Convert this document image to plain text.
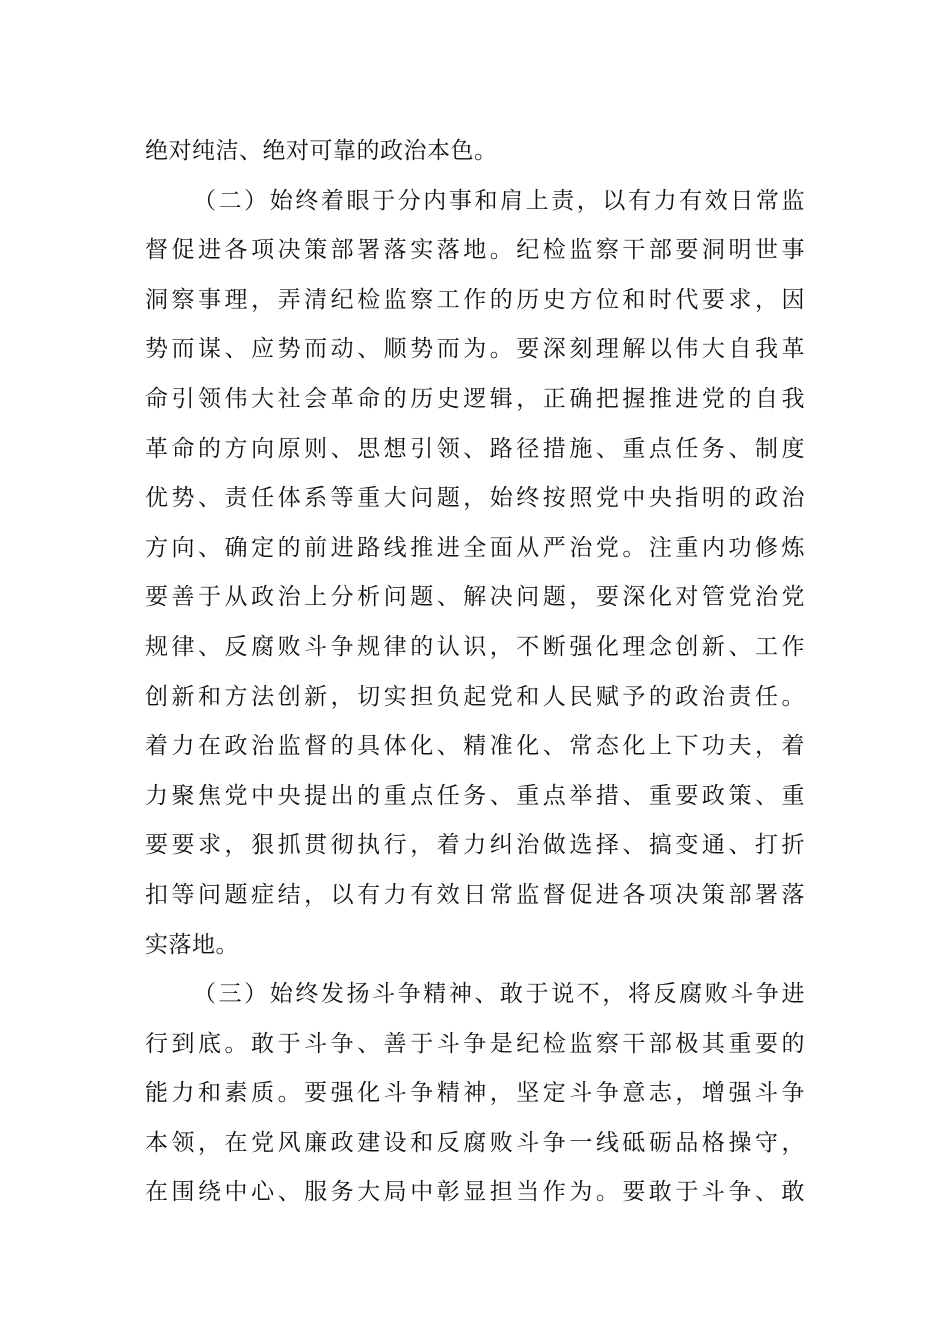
绝对纯洁、绝对可靠的政治本色。
（二）始终着眼于分内事和肩上责，以有力有效日常监
督促进各项决策部署落实落地。纪检监察干部要洞明世事
洞察事理，弄清纪检监察工作的历史方位和时代要求，因
势而谋、应势而动、顺势而为。要深刻理解以伟大自我革
命引领伟大社会革命的历史逻辑，正确把握推进党的自我
革命的方向原则、思想引领、路径措施、重点任务、制度
优势、责任体系等重大问题，始终按照党中央指明的政治
方向、确定的前进路线推进全面从严治党。注重内功修炼
要善于从政治上分析问题、解决问题，要深化对管党治党
规律、反腐败斗争规律的认识，不断强化理念创新、工作
创新和方法创新，切实担负起党和人民赋予的政治责任。
着力在政治监督的具体化、精准化、常态化上下功夫，着
力聚焦党中央提出的重点任务、重点举措、重要政策、重
要要求，狠抓贯彻执行，着力纠治做选择、搞变通、打折
扣等问题症结，以有力有效日常监督促进各项决策部署落
实落地。
（三）始终发扬斗争精神、敢于说不，将反腐败斗争进
行到底。敢于斗争、善于斗争是纪检监察干部极其重要的
能力和素质。要强化斗争精神，坚定斗争意志，增强斗争
本领，在党风廉政建设和反腐败斗争一线砥砺品格操守，
在围绕中心、服务大局中彰显担当作为。要敢于斗争、敢
